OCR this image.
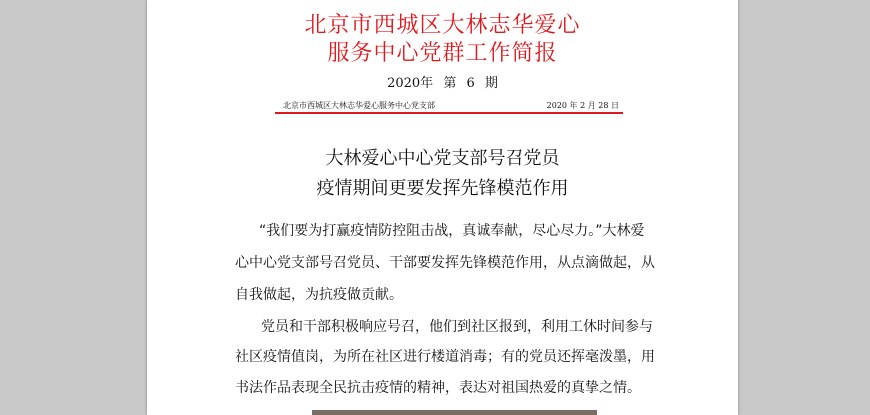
北京市西城区大林志华爱心
服务中心党群工作简报
2020年 第 6 期
北京市西城区大林志华爱心服务中心党支部	2020 年 2 月 28 日
大林爱心中心党支部号召党员
疫情期间更要发挥先锋模范作用
“我们要为打赢疫情防控阻击战，真诚奉献，尽心尽力。”大林爱
心中心党支部号召党员、干部要发挥先锋模范作用，从点滴做起，从
自我做起，为抗疫做贡献。
党员和干部积极响应号召，他们到社区报到，利用工休时间参与
社区疫情值岗，为所在社区进行楼道消毒；有的党员还挥毫泼墨，用
书法作品表现全民抗击疫情的精神，表达对祖国热爱的真挚之情。
